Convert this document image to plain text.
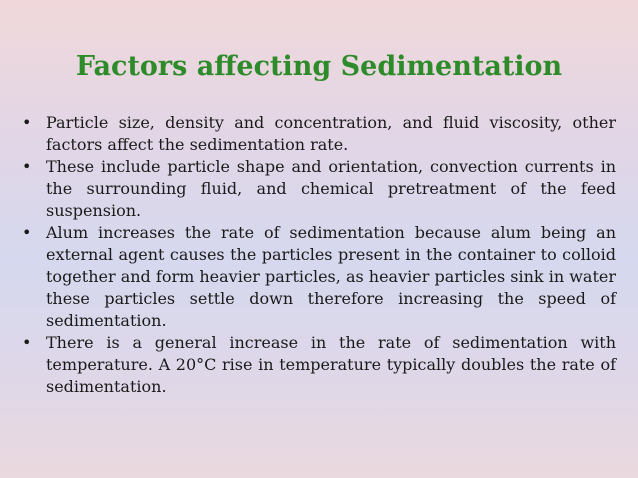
Factors affecting Sedimentation
• Particle size, density and concentration, and fluid viscosity, other factors affect the sedimentation rate.
• These include particle shape and orientation, convection currents in the surrounding fluid, and chemical pretreatment of the feed suspension.
• Alum increases the rate of sedimentation because alum being an external agent causes the particles present in the container to colloid together and form heavier particles, as heavier particles sink in water these particles settle down therefore increasing the speed of sedimentation.
• There is a general increase in the rate of sedimentation with temperature. A 20°C rise in temperature typically doubles the rate of sedimentation.
